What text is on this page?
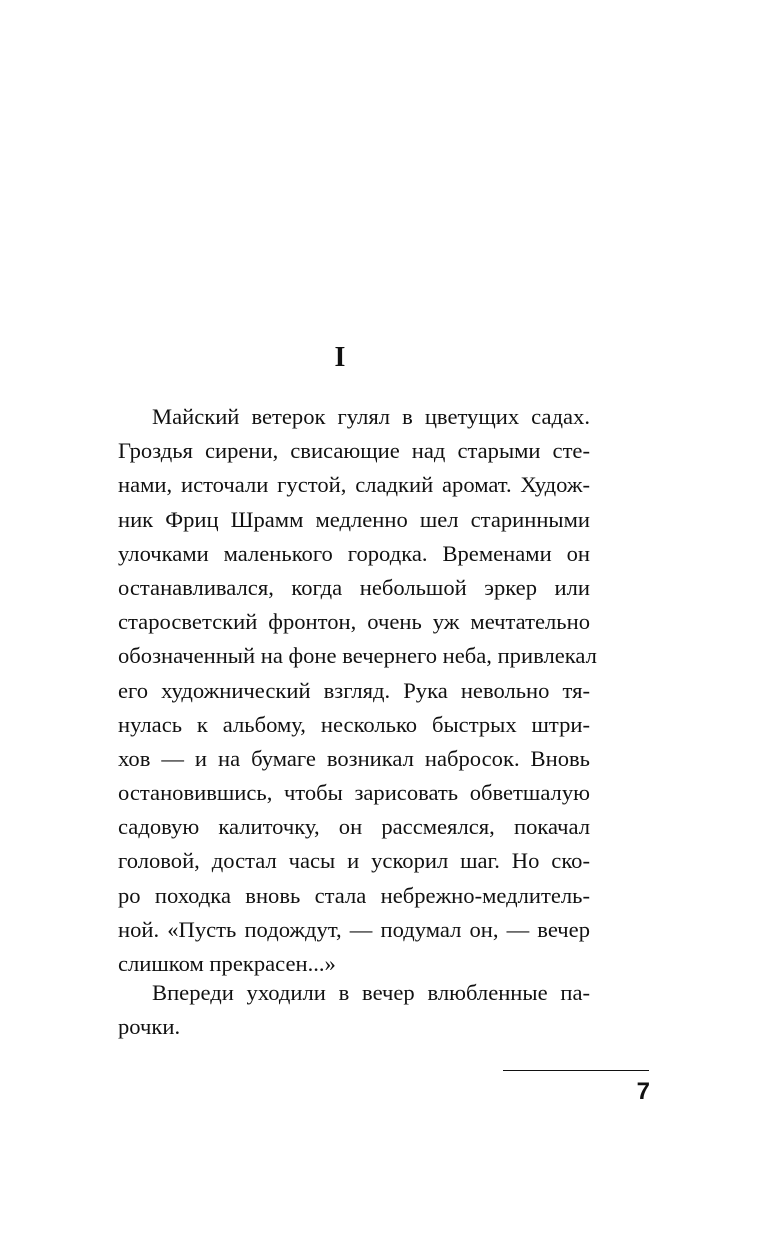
I
Майский ветерок гулял в цветущих садах.
Гроздья сирени, свисающие над старыми сте-
нами, источали густой, сладкий аромат. Худож-
ник Фриц Шрамм медленно шел старинными
улочками маленького городка. Временами он
останавливался, когда небольшой эркер или
старосветский фронтон, очень уж мечтательно
обозначенный на фоне вечернего неба, привлекал
его художнический взгляд. Рука невольно тя-
нулась к альбому, несколько быстрых штри-
хов — и на бумаге возникал набросок. Вновь
остановившись, чтобы зарисовать обветшалую
садовую калиточку, он рассмеялся, покачал
головой, достал часы и ускорил шаг. Но ско-
ро походка вновь стала небрежно-медлитель-
ной. «Пусть подождут, — подумал он, — вечер
слишком прекрасен...»
Впереди уходили в вечер влюбленные па-
рочки.
7
